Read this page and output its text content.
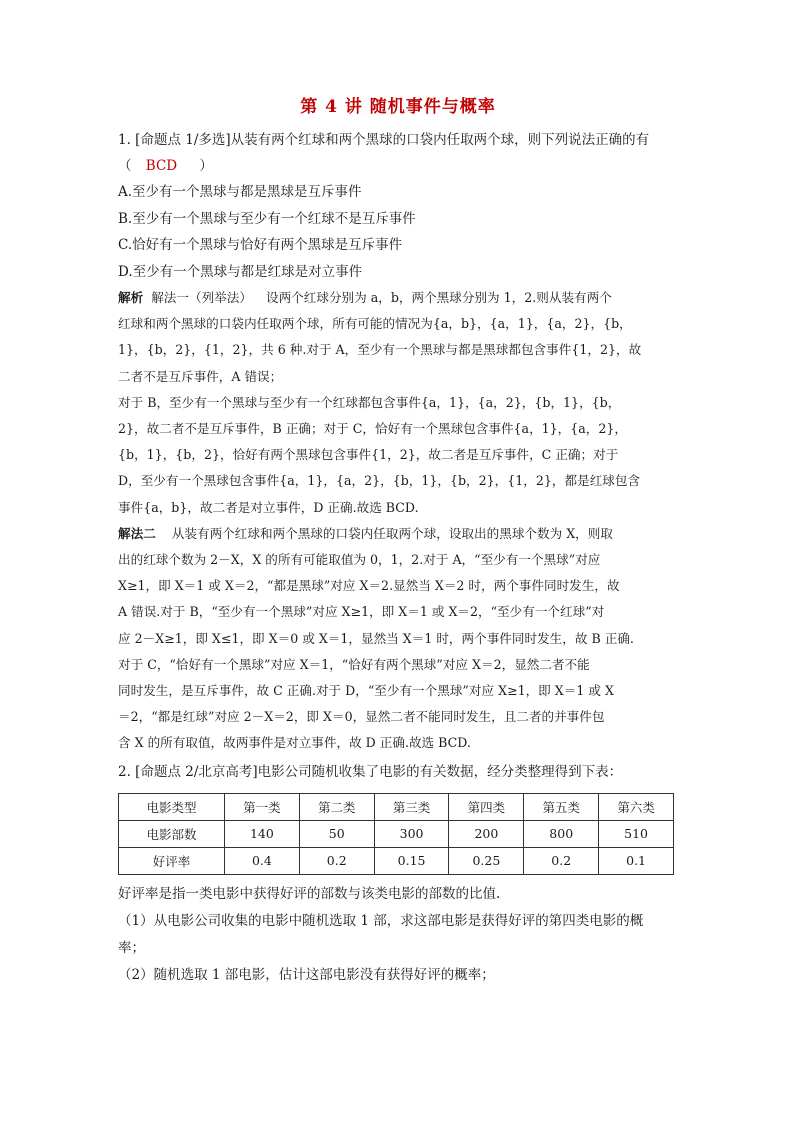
第 4 讲 随机事件与概率

1. [命题点 1/多选]从装有两个红球和两个黑球的口袋内任取两个球，则下列说法正确的有

（ BCD ）

A.至少有一个黑球与都是黑球是互斥事件

B.至少有一个黑球与至少有一个红球不是互斥事件

C.恰好有一个黑球与恰好有两个黑球是互斥事件

D.至少有一个黑球与都是红球是对立事件

解析 解法一（列举法） 设两个红球分别为 a，b，两个黑球分别为 1，2.则从装有两个

红球和两个黑球的口袋内任取两个球，所有可能的情况为{a，b}，{a，1}，{a，2}，{b，

1}，{b，2}，{1，2}，共 6 种.对于 A，至少有一个黑球与都是黑球都包含事件{1，2}，故

二者不是互斥事件，A 错误；

对于 B，至少有一个黑球与至少有一个红球都包含事件{a，1}，{a，2}，{b，1}，{b，

2}，故二者不是互斥事件，B 正确；对于 C，恰好有一个黑球包含事件{a，1}，{a，2}，

{b，1}，{b，2}，恰好有两个黑球包含事件{1，2}，故二者是互斥事件，C 正确；对于

D，至少有一个黑球包含事件{a，1}，{a，2}，{b，1}，{b，2}，{1，2}，都是红球包含

事件{a，b}，故二者是对立事件，D 正确.故选 BCD.

解法二 从装有两个红球和两个黑球的口袋内任取两个球，设取出的黑球个数为 X，则取

出的红球个数为 2－X，X 的所有可能取值为 0，1，2.对于 A，“至少有一个黑球”对应

X≥1，即 X＝1 或 X＝2，“都是黑球”对应 X＝2.显然当 X＝2 时，两个事件同时发生，故

A 错误.对于 B，“至少有一个黑球”对应 X≥1，即 X＝1 或 X＝2，“至少有一个红球”对

应 2－X≥1，即 X≤1，即 X＝0 或 X＝1，显然当 X＝1 时，两个事件同时发生，故 B 正确.

对于 C，“恰好有一个黑球”对应 X＝1，“恰好有两个黑球”对应 X＝2，显然二者不能

同时发生，是互斥事件，故 C 正确.对于 D，“至少有一个黑球”对应 X≥1，即 X＝1 或 X

＝2，“都是红球”对应 2－X＝2，即 X＝0，显然二者不能同时发生，且二者的并事件包

含 X 的所有取值，故两事件是对立事件，故 D 正确.故选 BCD.

2. [命题点 2/北京高考]电影公司随机收集了电影的有关数据，经分类整理得到下表：

电影类型	第一类	第二类	第三类	第四类	第五类	第六类
电影部数	140	50	300	200	800	510
好评率	0.4	0.2	0.15	0.25	0.2	0.1

好评率是指一类电影中获得好评的部数与该类电影的部数的比值.

（1）从电影公司收集的电影中随机选取 1 部，求这部电影是获得好评的第四类电影的概

率；

（2）随机选取 1 部电影，估计这部电影没有获得好评的概率；
